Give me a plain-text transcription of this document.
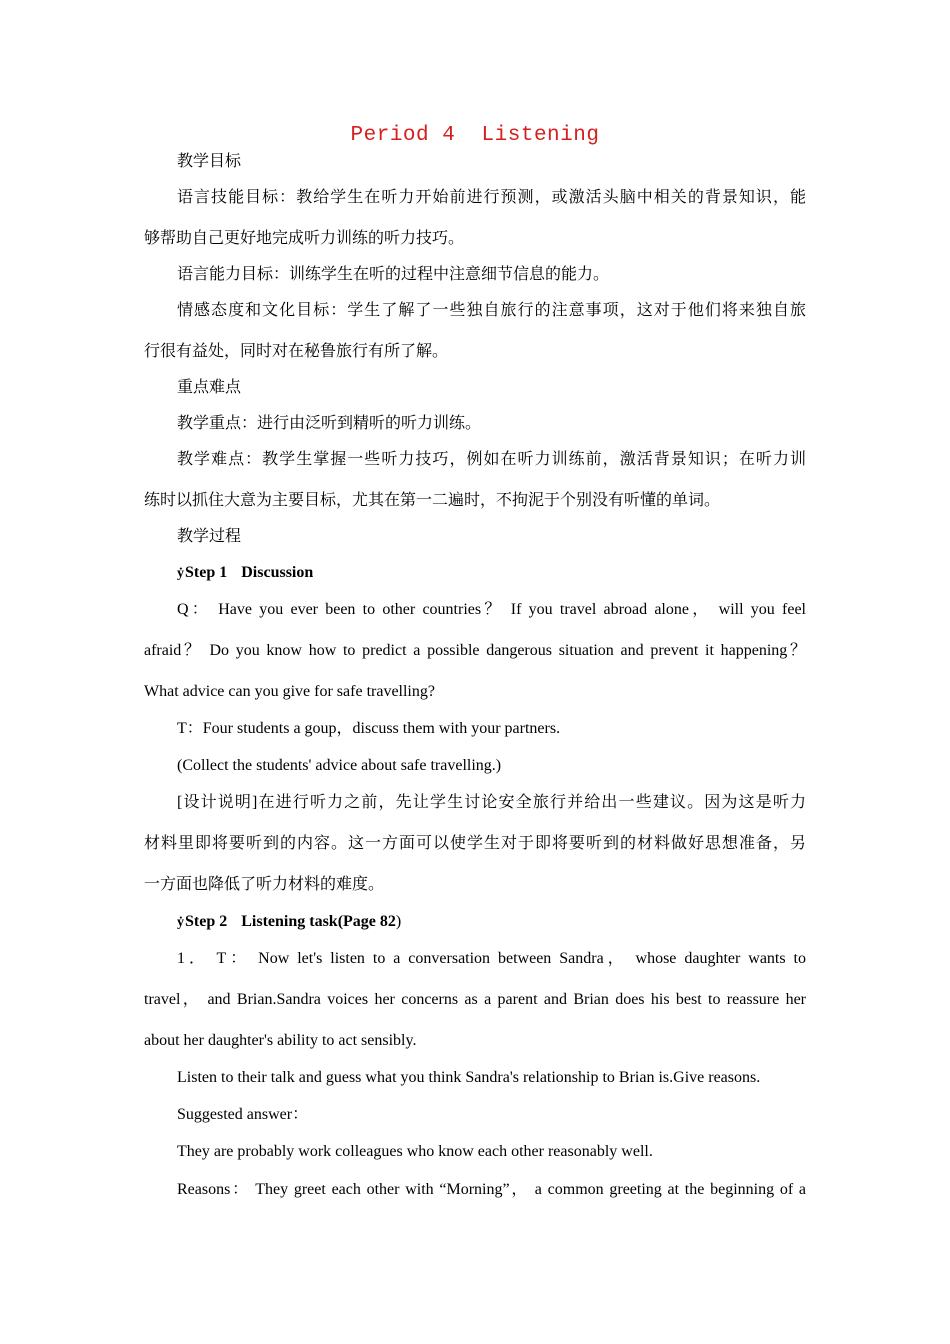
Period 4  Listening
教学目标
语言技能目标：教给学生在听力开始前进行预测，或激活头脑中相关的背景知识，能
够帮助自己更好地完成听力训练的听力技巧。
语言能力目标：训练学生在听的过程中注意细节信息的能力。
情感态度和文化目标：学生了解了一些独自旅行的注意事项，这对于他们将来独自旅
行很有益处，同时对在秘鲁旅行有所了解。
重点难点
教学重点：进行由泛听到精听的听力训练。
教学难点：教学生掌握一些听力技巧，例如在听力训练前，激活背景知识；在听力训
练时以抓住大意为主要目标，尤其在第一二遍时，不拘泥于个别没有听懂的单词。
教学过程
ẏStep 1 Discussion
Q： Have you ever been to other countries？ If you travel abroad alone， will you feel
afraid？ Do you know how to predict a possible dangerous situation and prevent it happening？
What advice can you give for safe travelling?
T：Four students a goup，discuss them with your partners.
(Collect the students' advice about safe travelling.)
[设计说明]在进行听力之前，先让学生讨论安全旅行并给出一些建议。因为这是听力
材料里即将要听到的内容。这一方面可以使学生对于即将要听到的材料做好思想准备，另
一方面也降低了听力材料的难度。
ẏStep 2 Listening task(Page 82)
1． T： Now let's listen to a conversation between Sandra， whose daughter wants to
travel， and Brian.Sandra voices her concerns as a parent and Brian does his best to reassure her
about her daughter's ability to act sensibly.
Listen to their talk and guess what you think Sandra's relationship to Brian is.Give reasons.
Suggested answer：
They are probably work colleagues who know each other reasonably well.
Reasons： They greet each other with “Morning”， a common greeting at the beginning of a
